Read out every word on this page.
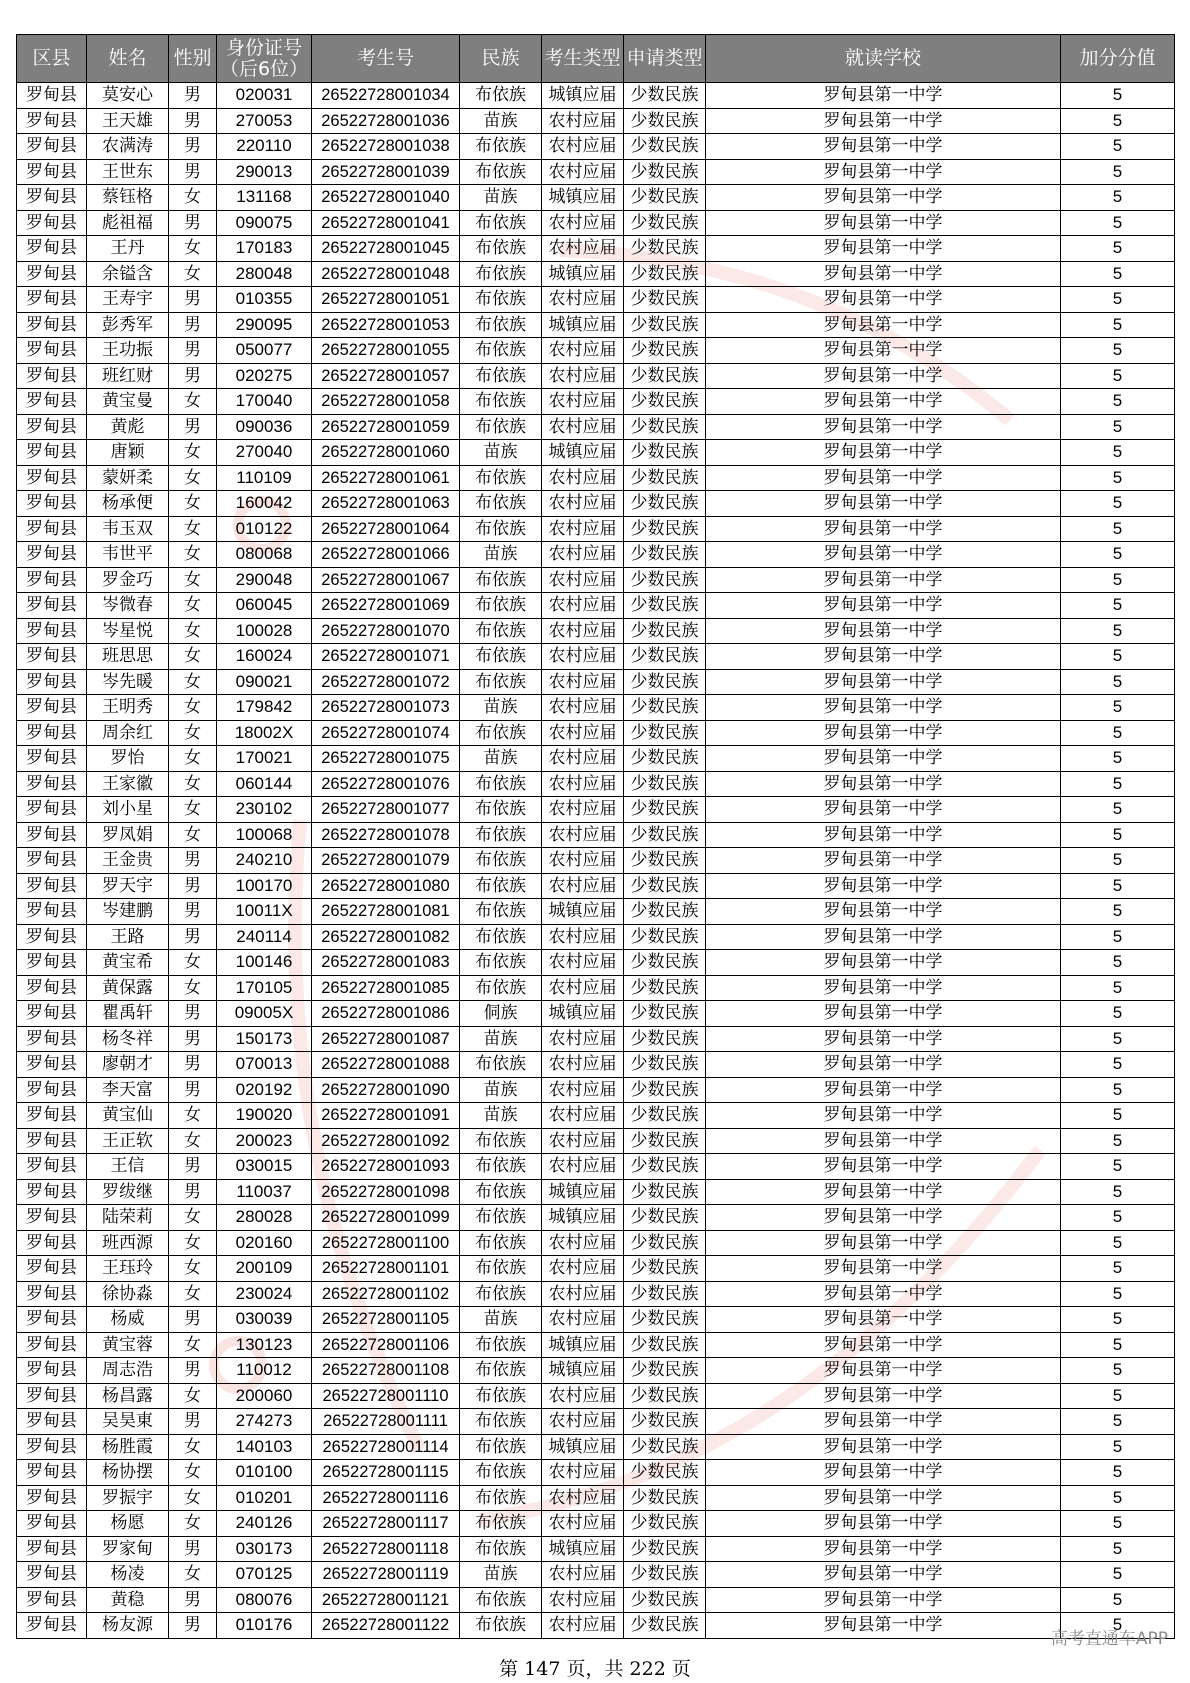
区县	姓名	性别	身份证号
（后6位）	考生号	民族	考生类型	申请类型	就读学校	加分分值
罗甸县	莫安心	男	020031	26522728001034	布依族	城镇应届	少数民族	罗甸县第一中学	5
罗甸县	王天雄	男	270053	26522728001036	苗族	农村应届	少数民族	罗甸县第一中学	5
罗甸县	农满涛	男	220110	26522728001038	布依族	农村应届	少数民族	罗甸县第一中学	5
罗甸县	王世东	男	290013	26522728001039	布依族	农村应届	少数民族	罗甸县第一中学	5
罗甸县	蔡钰格	女	131168	26522728001040	苗族	城镇应届	少数民族	罗甸县第一中学	5
罗甸县	彪祖福	男	090075	26522728001041	布依族	农村应届	少数民族	罗甸县第一中学	5
罗甸县	王丹	女	170183	26522728001045	布依族	农村应届	少数民族	罗甸县第一中学	5
罗甸县	余镒含	女	280048	26522728001048	布依族	城镇应届	少数民族	罗甸县第一中学	5
罗甸县	王寿宇	男	010355	26522728001051	布依族	农村应届	少数民族	罗甸县第一中学	5
罗甸县	彭秀军	男	290095	26522728001053	布依族	城镇应届	少数民族	罗甸县第一中学	5
罗甸县	王功振	男	050077	26522728001055	布依族	农村应届	少数民族	罗甸县第一中学	5
罗甸县	班红财	男	020275	26522728001057	布依族	农村应届	少数民族	罗甸县第一中学	5
罗甸县	黄宝曼	女	170040	26522728001058	布依族	农村应届	少数民族	罗甸县第一中学	5
罗甸县	黄彪	男	090036	26522728001059	布依族	农村应届	少数民族	罗甸县第一中学	5
罗甸县	唐颖	女	270040	26522728001060	苗族	城镇应届	少数民族	罗甸县第一中学	5
罗甸县	蒙妍柔	女	110109	26522728001061	布依族	农村应届	少数民族	罗甸县第一中学	5
罗甸县	杨承便	女	160042	26522728001063	布依族	农村应届	少数民族	罗甸县第一中学	5
罗甸县	韦玉双	女	010122	26522728001064	布依族	农村应届	少数民族	罗甸县第一中学	5
罗甸县	韦世平	女	080068	26522728001066	苗族	农村应届	少数民族	罗甸县第一中学	5
罗甸县	罗金巧	女	290048	26522728001067	布依族	农村应届	少数民族	罗甸县第一中学	5
罗甸县	岑微春	女	060045	26522728001069	布依族	农村应届	少数民族	罗甸县第一中学	5
罗甸县	岑星悦	女	100028	26522728001070	布依族	农村应届	少数民族	罗甸县第一中学	5
罗甸县	班思思	女	160024	26522728001071	布依族	农村应届	少数民族	罗甸县第一中学	5
罗甸县	岑先暖	女	090021	26522728001072	布依族	农村应届	少数民族	罗甸县第一中学	5
罗甸县	王明秀	女	179842	26522728001073	苗族	农村应届	少数民族	罗甸县第一中学	5
罗甸县	周余红	女	18002X	26522728001074	布依族	农村应届	少数民族	罗甸县第一中学	5
罗甸县	罗怡	女	170021	26522728001075	苗族	农村应届	少数民族	罗甸县第一中学	5
罗甸县	王家徽	女	060144	26522728001076	布依族	农村应届	少数民族	罗甸县第一中学	5
罗甸县	刘小星	女	230102	26522728001077	布依族	农村应届	少数民族	罗甸县第一中学	5
罗甸县	罗凤娟	女	100068	26522728001078	布依族	农村应届	少数民族	罗甸县第一中学	5
罗甸县	王金贵	男	240210	26522728001079	布依族	农村应届	少数民族	罗甸县第一中学	5
罗甸县	罗天宇	男	100170	26522728001080	布依族	农村应届	少数民族	罗甸县第一中学	5
罗甸县	岑建鹏	男	10011X	26522728001081	布依族	城镇应届	少数民族	罗甸县第一中学	5
罗甸县	王路	男	240114	26522728001082	布依族	农村应届	少数民族	罗甸县第一中学	5
罗甸县	黄宝希	女	100146	26522728001083	布依族	农村应届	少数民族	罗甸县第一中学	5
罗甸县	黄保露	女	170105	26522728001085	布依族	农村应届	少数民族	罗甸县第一中学	5
罗甸县	瞿禹轩	男	09005X	26522728001086	侗族	城镇应届	少数民族	罗甸县第一中学	5
罗甸县	杨冬祥	男	150173	26522728001087	苗族	农村应届	少数民族	罗甸县第一中学	5
罗甸县	廖朝才	男	070013	26522728001088	布依族	农村应届	少数民族	罗甸县第一中学	5
罗甸县	李天富	男	020192	26522728001090	苗族	农村应届	少数民族	罗甸县第一中学	5
罗甸县	黄宝仙	女	190020	26522728001091	苗族	农村应届	少数民族	罗甸县第一中学	5
罗甸县	王正软	女	200023	26522728001092	布依族	农村应届	少数民族	罗甸县第一中学	5
罗甸县	王信	男	030015	26522728001093	布依族	农村应届	少数民族	罗甸县第一中学	5
罗甸县	罗绂继	男	110037	26522728001098	布依族	城镇应届	少数民族	罗甸县第一中学	5
罗甸县	陆荣莉	女	280028	26522728001099	布依族	城镇应届	少数民族	罗甸县第一中学	5
罗甸县	班西源	女	020160	26522728001100	布依族	农村应届	少数民族	罗甸县第一中学	5
罗甸县	王珏玲	女	200109	26522728001101	布依族	农村应届	少数民族	罗甸县第一中学	5
罗甸县	徐协淼	女	230024	26522728001102	布依族	农村应届	少数民族	罗甸县第一中学	5
罗甸县	杨威	男	030039	26522728001105	苗族	农村应届	少数民族	罗甸县第一中学	5
罗甸县	黄宝蓉	女	130123	26522728001106	布依族	城镇应届	少数民族	罗甸县第一中学	5
罗甸县	周志浩	男	110012	26522728001108	布依族	城镇应届	少数民族	罗甸县第一中学	5
罗甸县	杨昌露	女	200060	26522728001110	布依族	农村应届	少数民族	罗甸县第一中学	5
罗甸县	吴昊東	男	274273	26522728001111	布依族	农村应届	少数民族	罗甸县第一中学	5
罗甸县	杨胜霞	女	140103	26522728001114	布依族	城镇应届	少数民族	罗甸县第一中学	5
罗甸县	杨协摆	女	010100	26522728001115	布依族	农村应届	少数民族	罗甸县第一中学	5
罗甸县	罗振宇	女	010201	26522728001116	布依族	农村应届	少数民族	罗甸县第一中学	5
罗甸县	杨愿	女	240126	26522728001117	布依族	农村应届	少数民族	罗甸县第一中学	5
罗甸县	罗家甸	男	030173	26522728001118	布依族	城镇应届	少数民族	罗甸县第一中学	5
罗甸县	杨凌	女	070125	26522728001119	苗族	农村应届	少数民族	罗甸县第一中学	5
罗甸县	黄稳	男	080076	26522728001121	布依族	农村应届	少数民族	罗甸县第一中学	5
罗甸县	杨友源	男	010176	26522728001122	布依族	农村应届	少数民族	罗甸县第一中学	5
高考直通车APP
第 147 页，共 222 页
